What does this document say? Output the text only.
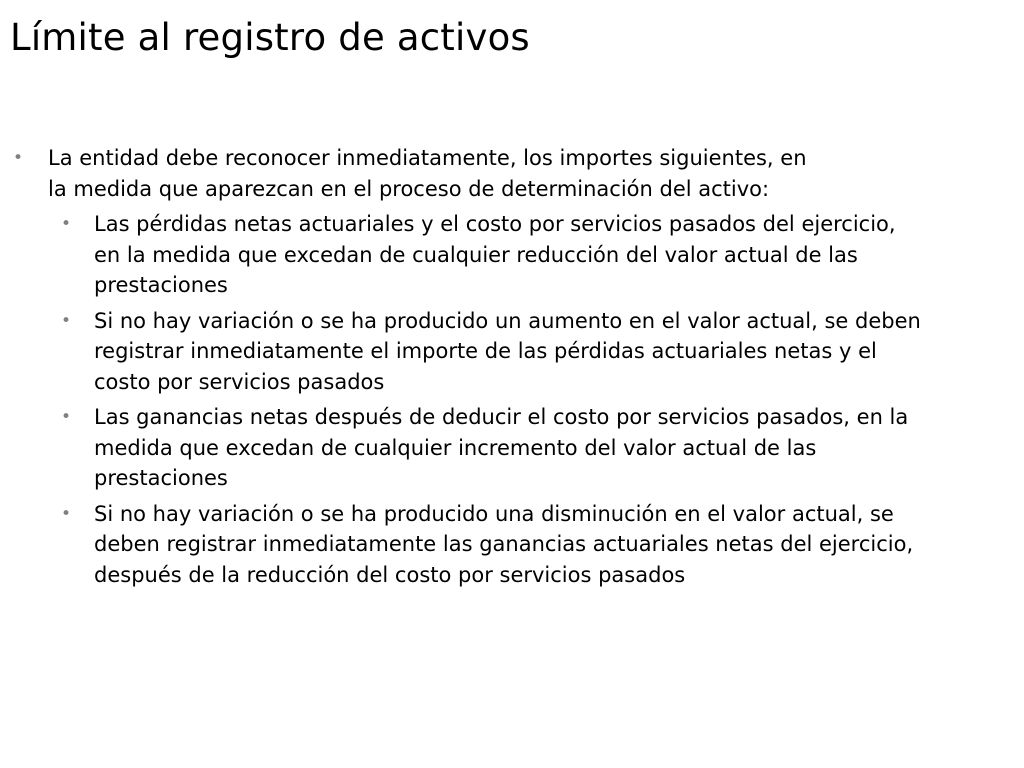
Límite al registro de activos
• La entidad debe reconocer inmediatamente, los importes siguientes, en la medida que aparezcan en el proceso de determinación del activo:
• Las pérdidas netas actuariales y el costo por servicios pasados del ejercicio, en la medida que excedan de cualquier reducción del valor actual de las prestaciones
• Si no hay variación o se ha producido un aumento en el valor actual, se deben registrar inmediatamente el importe de las pérdidas actuariales netas y el costo por servicios pasados
• Las ganancias netas después de deducir el costo por servicios pasados, en la medida que excedan de cualquier incremento del valor actual de las prestaciones
• Si no hay variación o se ha producido una disminución en el valor actual, se deben registrar inmediatamente las ganancias actuariales netas del ejercicio, después de la reducción del costo por servicios pasados
